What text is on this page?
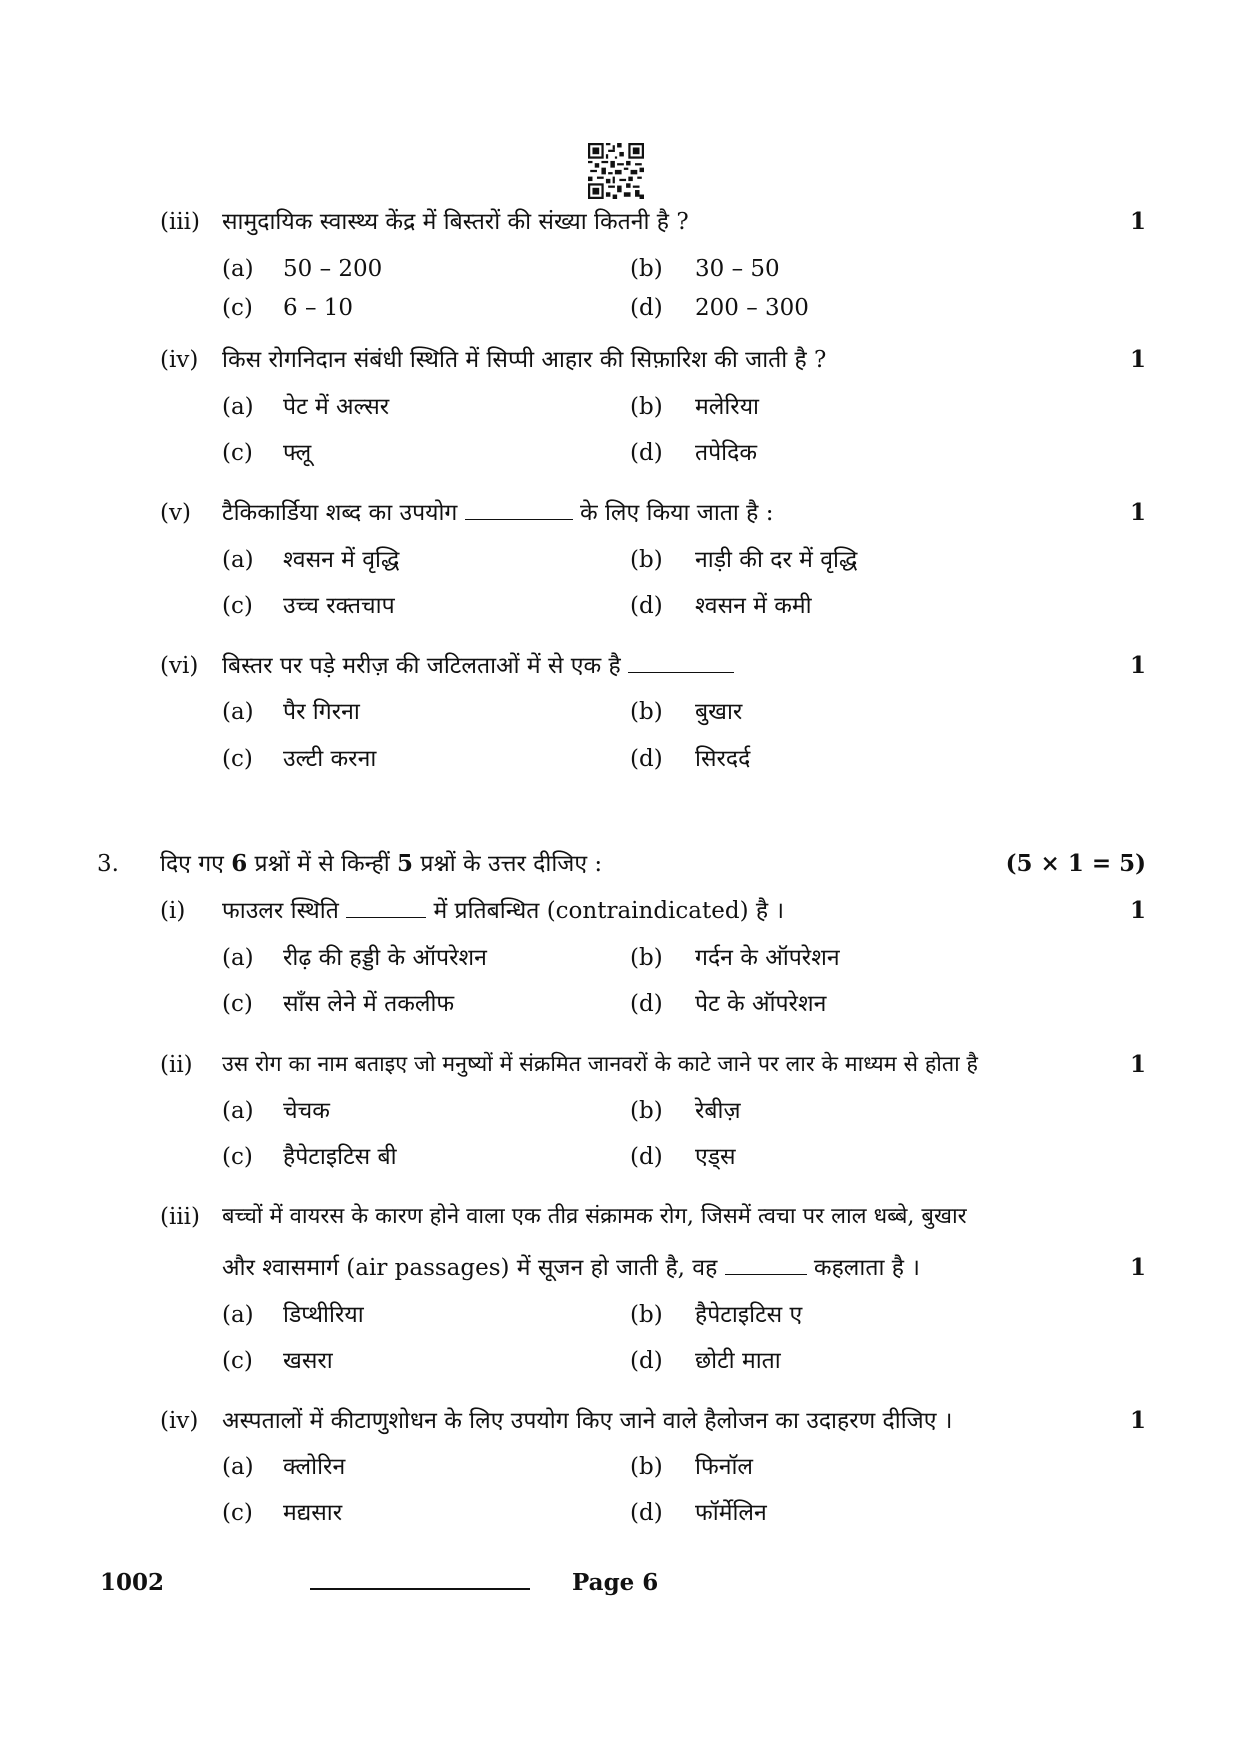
(iii) सामुदायिक स्वास्थ्य केंद्र में बिस्तरों की संख्या कितनी है ?	1
(a) 50 – 200	(b) 30 – 50
(c) 6 – 10	(d) 200 – 300
(iv) किस रोगनिदान संबंधी स्थिति में सिप्पी आहार की सिफ़ारिश की जाती है ?	1
(a) पेट में अल्सर	(b) मलेरिया
(c) फ्लू	(d) तपेदिक
(v) टैकिकार्डिया शब्द का उपयोग	के लिए किया जाता है :	1
(a) श्वसन में वृद्धि	(b) नाड़ी की दर में वृद्धि
(c) उच्च रक्तचाप	(d) श्वसन में कमी
(vi) बिस्तर पर पड़े मरीज़ की जटिलताओं में से एक है	1
(a) पैर गिरना	(b) बुखार
(c) उल्टी करना	(d) सिरदर्द
3. दिए गए 6 प्रश्नों में से किन्हीं 5 प्रश्नों के उत्तर दीजिए :	(5 × 1 = 5)
(i) फाउलर स्थिति	में प्रतिबन्धित (contraindicated) है ।	1
(a) रीढ़ की हड्डी के ऑपरेशन	(b) गर्दन के ऑपरेशन
(c) साँस लेने में तकलीफ	(d) पेट के ऑपरेशन
(ii) उस रोग का नाम बताइए जो मनुष्यों में संक्रमित जानवरों के काटे जाने पर लार के माध्यम से होता है	1
(a) चेचक	(b) रेबीज़
(c) हैपेटाइटिस बी	(d) एड्स
(iii) बच्चों में वायरस के कारण होने वाला एक तीव्र संक्रामक रोग, जिसमें त्वचा पर लाल धब्बे, बुखार
और श्वासमार्ग (air passages) में सूजन हो जाती है, वह	कहलाता है ।	1
(a) डिप्थीरिया	(b) हैपेटाइटिस ए
(c) खसरा	(d) छोटी माता
(iv) अस्पतालों में कीटाणुशोधन के लिए उपयोग किए जाने वाले हैलोजन का उदाहरण दीजिए ।	1
(a) क्लोरिन	(b) फिनॉल
(c) मद्यसार	(d) फॉर्मेलिन
1002	Page 6
